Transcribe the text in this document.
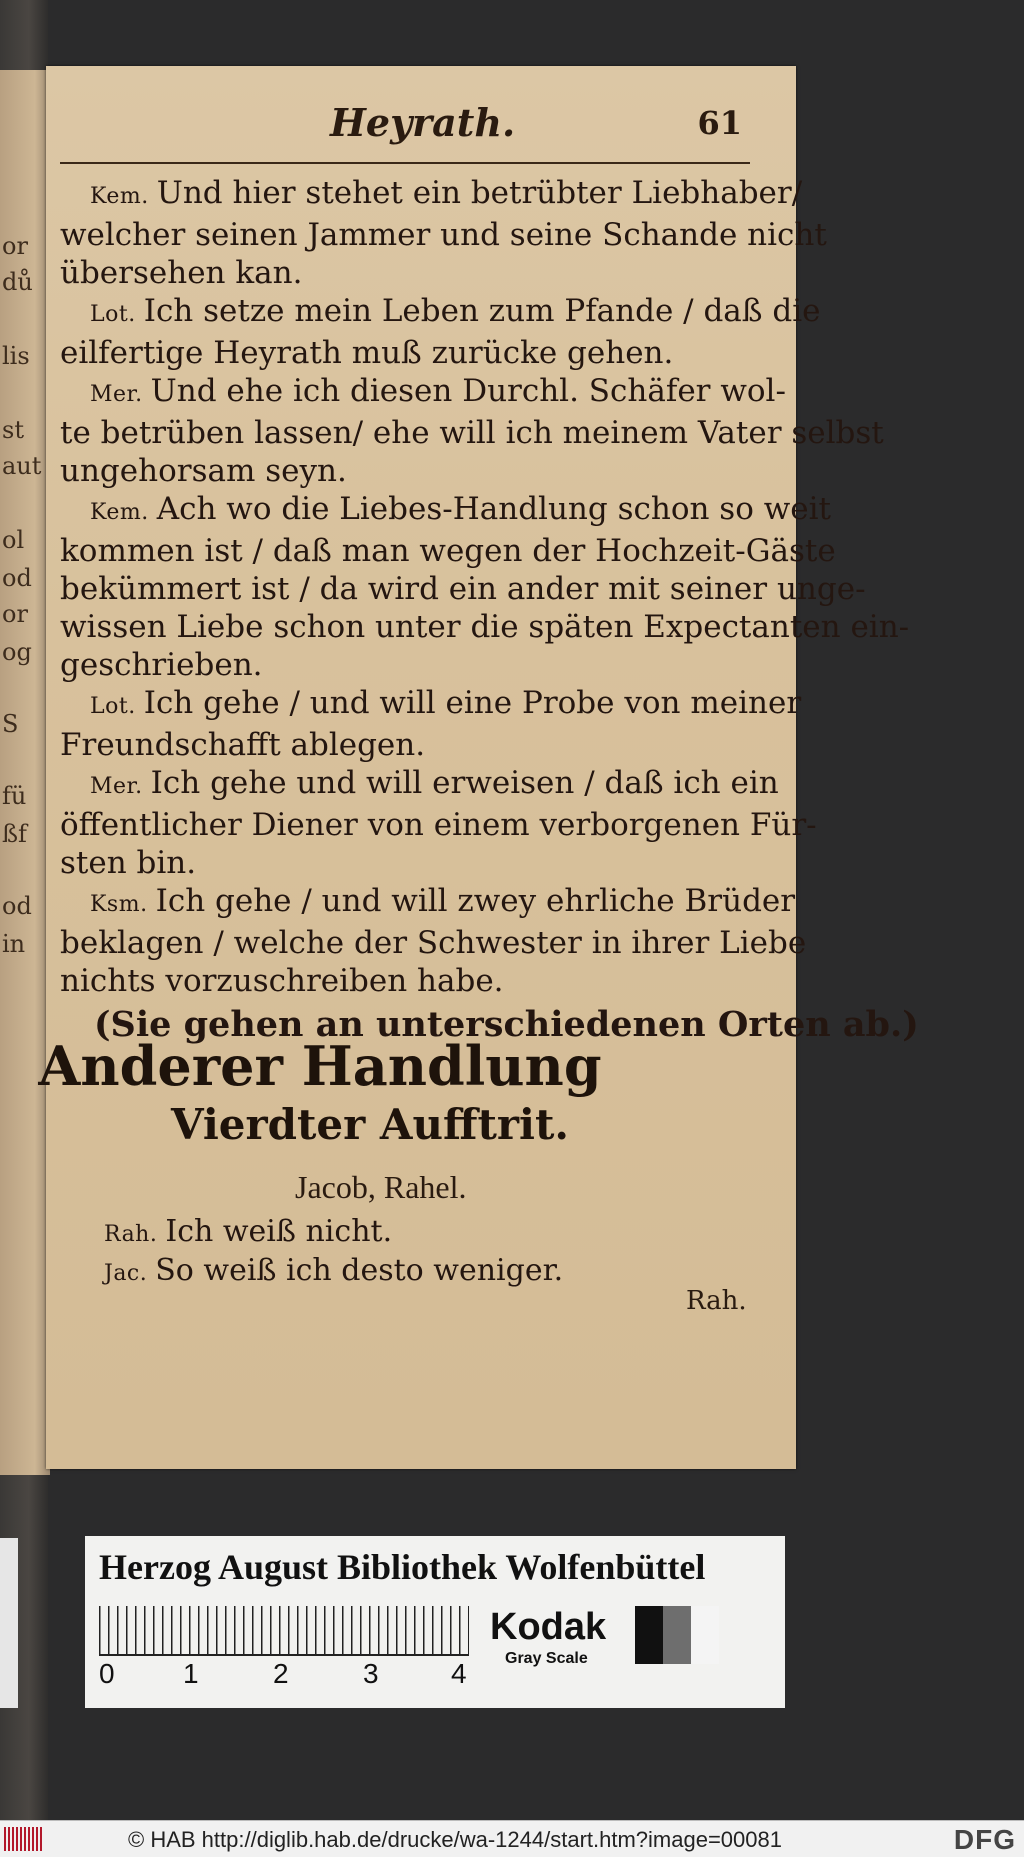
or
dů
lis
st
aut
ol
od
or
og
S
fü
ßf
od
in
Heyrath.	61

Kem. Und hier stehet ein betrübter Liebhaber/
welcher seinen Jammer und seine Schande nicht
übersehen kan.

Lot. Ich setze mein Leben zum Pfande / daß die
eilfertige Heyrath muß zurücke gehen.

Mer. Und ehe ich diesen Durchl. Schäfer wol-
te betrüben lassen/ ehe will ich meinem Vater selbst
ungehorsam seyn.

Kem. Ach wo die Liebes-Handlung schon so weit
kommen ist / daß man wegen der Hochzeit-Gäste
bekümmert ist / da wird ein ander mit seiner unge-
wissen Liebe schon unter die späten Expectanten ein-
geschrieben.

Lot. Ich gehe / und will eine Probe von meiner
Freundschafft ablegen.

Mer. Ich gehe und will erweisen / daß ich ein
öffentlicher Diener von einem verborgenen Für-
sten bin.

Ksm. Ich gehe / und will zwey ehrliche Brüder
beklagen / welche der Schwester in ihrer Liebe
nichts vorzuschreiben habe.

(Sie gehen an unterschiedenen Orten ab.)
Anderer Handlung
Vierdter Aufftrit.
Jacob, Rahel.
Rah. Ich weiß nicht.
Jac. So weiß ich desto weniger.
Rah.
Herzog August Bibliothek Wolfenbüttel
0 1	2	3	4
Kodak
Gray Scale
© HAB http://diglib.hab.de/drucke/wa-1244/start.htm?image=00081	DFG
